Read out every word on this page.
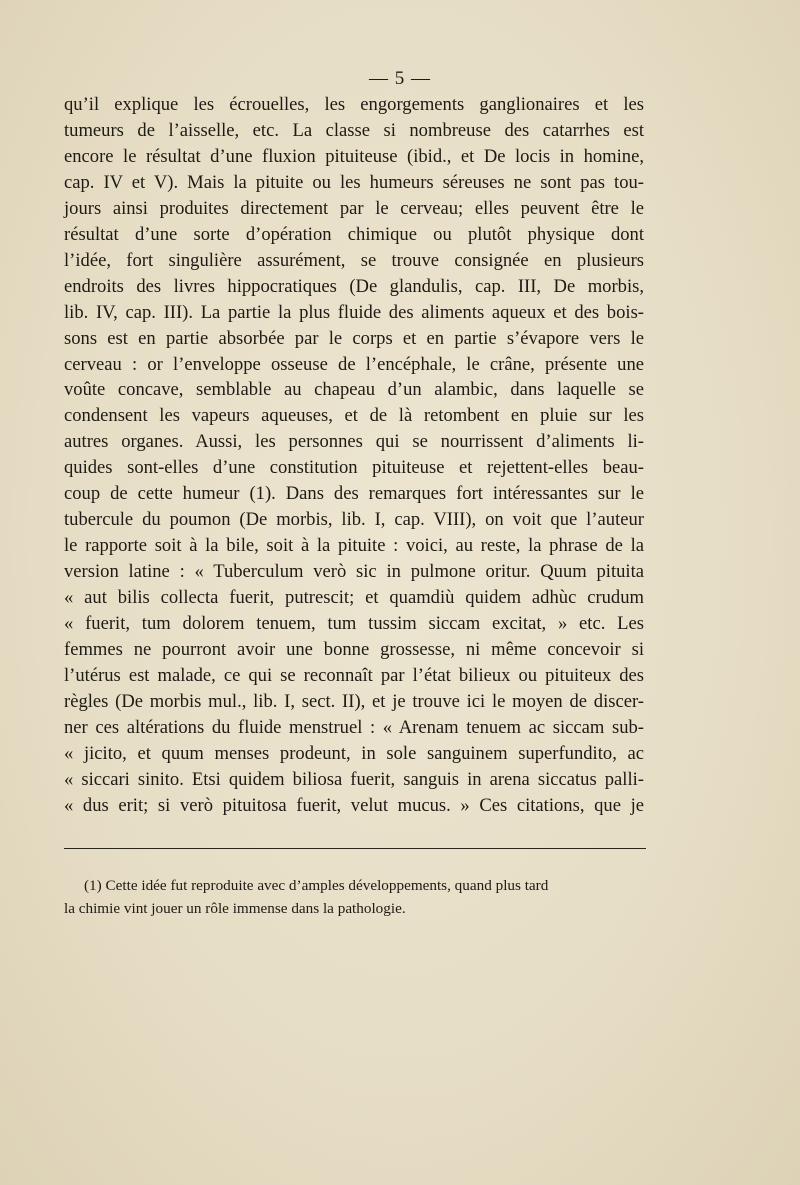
— 5 —
qu’il explique les écrouelles, les engorgements ganglionaires et les
tumeurs de l’aisselle, etc. La classe si nombreuse des catarrhes est
encore le résultat d’une fluxion pituiteuse (ibid., et De locis in homine,
cap. IV et V). Mais la pituite ou les humeurs séreuses ne sont pas tou-
jours ainsi produites directement par le cerveau; elles peuvent être le
résultat d’une sorte d’opération chimique ou plutôt physique dont
l’idée, fort singulière assurément, se trouve consignée en plusieurs
endroits des livres hippocratiques (De glandulis, cap. III, De morbis,
lib. IV, cap. III). La partie la plus fluide des aliments aqueux et des bois-
sons est en partie absorbée par le corps et en partie s’évapore vers le
cerveau : or l’enveloppe osseuse de l’encéphale, le crâne, présente une
voûte concave, semblable au chapeau d’un alambic, dans laquelle se
condensent les vapeurs aqueuses, et de là retombent en pluie sur les
autres organes. Aussi, les personnes qui se nourrissent d’aliments li-
quides sont-elles d’une constitution pituiteuse et rejettent-elles beau-
coup de cette humeur (1). Dans des remarques fort intéressantes sur le
tubercule du poumon (De morbis, lib. I, cap. VIII), on voit que l’auteur
le rapporte soit à la bile, soit à la pituite : voici, au reste, la phrase de la
version latine : « Tuberculum verò sic in pulmone oritur. Quum pituita
« aut bilis collecta fuerit, putrescit; et quamdiù quidem adhùc crudum
« fuerit, tum dolorem tenuem, tum tussim siccam excitat, » etc. Les
femmes ne pourront avoir une bonne grossesse, ni même concevoir si
l’utérus est malade, ce qui se reconnaît par l’état bilieux ou pituiteux des
règles (De morbis mul., lib. I, sect. II), et je trouve ici le moyen de discer-
ner ces altérations du fluide menstruel : « Arenam tenuem ac siccam sub-
« jicito, et quum menses prodeunt, in sole sanguinem superfundito, ac
« siccari sinito. Etsi quidem biliosa fuerit, sanguis in arena siccatus palli-
« dus erit; si verò pituitosa fuerit, velut mucus. » Ces citations, que je
(1) Cette idée fut reproduite avec d’amples développements, quand plus tard
la chimie vint jouer un rôle immense dans la pathologie.
